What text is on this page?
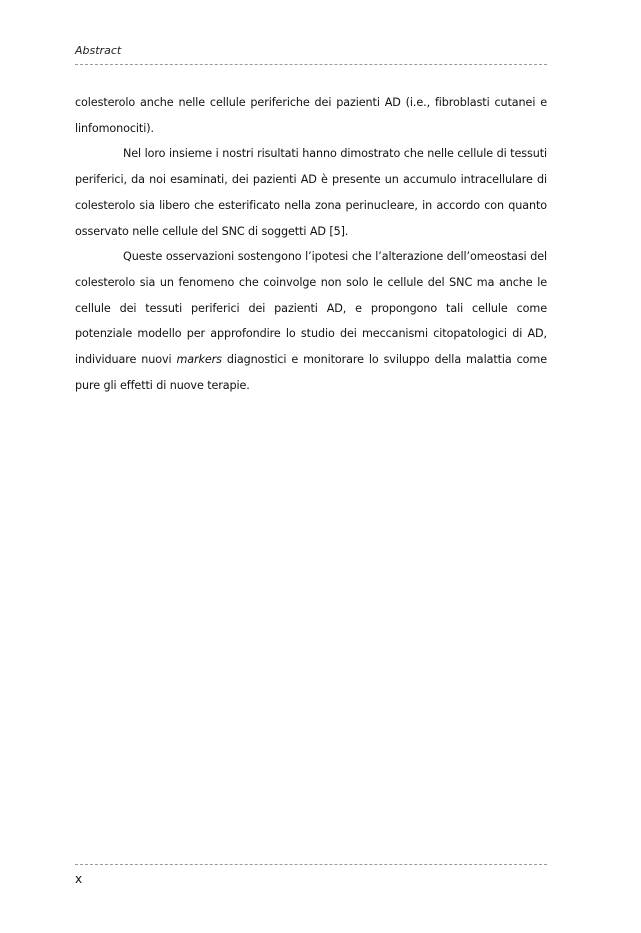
Abstract

colesterolo anche nelle cellule periferiche dei pazienti AD (i.e., fibroblasti cutanei e linfomonociti).

Nel loro insieme i nostri risultati hanno dimostrato che nelle cellule di tessuti periferici, da noi esaminati, dei pazienti AD è presente un accumulo intracellulare di colesterolo sia libero che esterificato nella zona perinucleare, in accordo con quanto osservato nelle cellule del SNC di soggetti AD [5].

Queste osservazioni sostengono l’ipotesi che l’alterazione dell’omeostasi del colesterolo sia un fenomeno che coinvolge non solo le cellule del SNC ma anche le cellule dei tessuti periferici dei pazienti AD, e propongono tali cellule come potenziale modello per approfondire lo studio dei meccanismi citopatologici di AD, individuare nuovi markers diagnostici e monitorare lo sviluppo della malattia come pure gli effetti di nuove terapie.

x
